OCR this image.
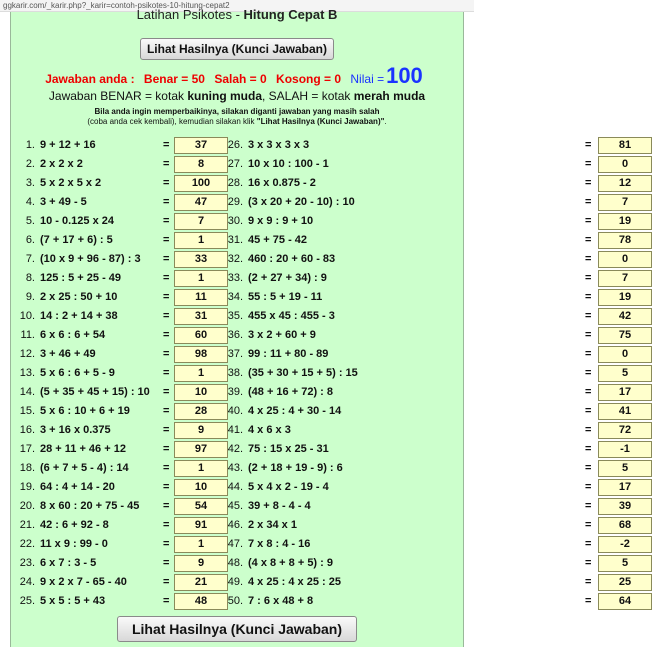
ggkarir.com/_karir.php?_karir=contoh-psikotes-10-hitung-cepat2
Latihan Psikotes - Hitung Cepat B
Lihat Hasilnya (Kunci Jawaban)
Jawaban anda : Benar = 50 Salah = 0 Kosong = 0 Nilai =100
Jawaban BENAR = kotak kuning muda, SALAH = kotak merah muda
Bila anda ingin memperbaikinya, silakan diganti jawaban yang masih salah
(coba anda cek kembali), kemudian silakan klik "Lihat Hasilnya (Kunci Jawaban)".
1. 9 + 12 + 16	=	37
2. 2 x 2 x 2	=	8
3. 5 x 2 x 5 x 2	=	100
4. 3 + 49 - 5	=	47
5. 10 - 0.125 x 24	=	7
6. (7 + 17 + 6) : 5	=	1
7. (10 x 9 + 96 - 87) : 3 =	33
8. 125 : 5 + 25 - 49	=	1
9. 2 x 25 : 50 + 10	=	11
10. 14 : 2 + 14 + 38	=	31
11. 6 x 6 : 6 + 54	=	60
12. 3 + 46 + 49	=	98
13. 5 x 6 : 6 + 5 - 9	=	1
14. (5 + 35 + 45 + 15) : 10 =	10
15. 5 x 6 : 10 + 6 + 19	=	28
16. 3 + 16 x 0.375	=	9
17. 28 + 11 + 46 + 12	=	97
18. (6 + 7 + 5 - 4) : 14	=	1
19. 64 : 4 + 14 - 20	=	10
20. 8 x 60 : 20 + 75 - 45 =	54
21. 42 : 6 + 92 - 8	=	91
22. 11 x 9 : 99 - 0	=	1
23. 6 x 7 : 3 - 5	=	9
24. 9 x 2 x 7 - 65 - 40	=	21
25. 5 x 5 : 5 + 43	=	48
26. 3 x 3 x 3 x 3	=	81
27. 10 x 10 : 100 - 1	=	0
28. 16 x 0.875 - 2	=	12
29. (3 x 20 + 20 - 10) : 10	=	7
30. 9 x 9 : 9 + 10	=	19
31. 45 + 75 - 42	=	78
32. 460 : 20 + 60 - 83	=	0
33. (2 + 27 + 34) : 9	=	7
34. 55 : 5 + 19 - 11	=	19
35. 455 x 45 : 455 - 3	=	42
36. 3 x 2 + 60 + 9	=	75
37. 99 : 11 + 80 - 89	=	0
38. (35 + 30 + 15 + 5) : 15	=	5
39. (48 + 16 + 72) : 8	=	17
40. 4 x 25 : 4 + 30 - 14	=	41
41. 4 x 6 x 3	=	72
42. 75 : 15 x 25 - 31	=	-1
43. (2 + 18 + 19 - 9) : 6	=	5
44. 5 x 4 x 2 - 19 - 4	=	17
45. 39 + 8 - 4 - 4	=	39
46. 2 x 34 x 1	=	68
47. 7 x 8 : 4 - 16	=	-2
48. (4 x 8 + 8 + 5) : 9	=	5
49. 4 x 25 : 4 x 25 : 25	=	25
50. 7 : 6 x 48 + 8	=	64
Lihat Hasilnya (Kunci Jawaban)
